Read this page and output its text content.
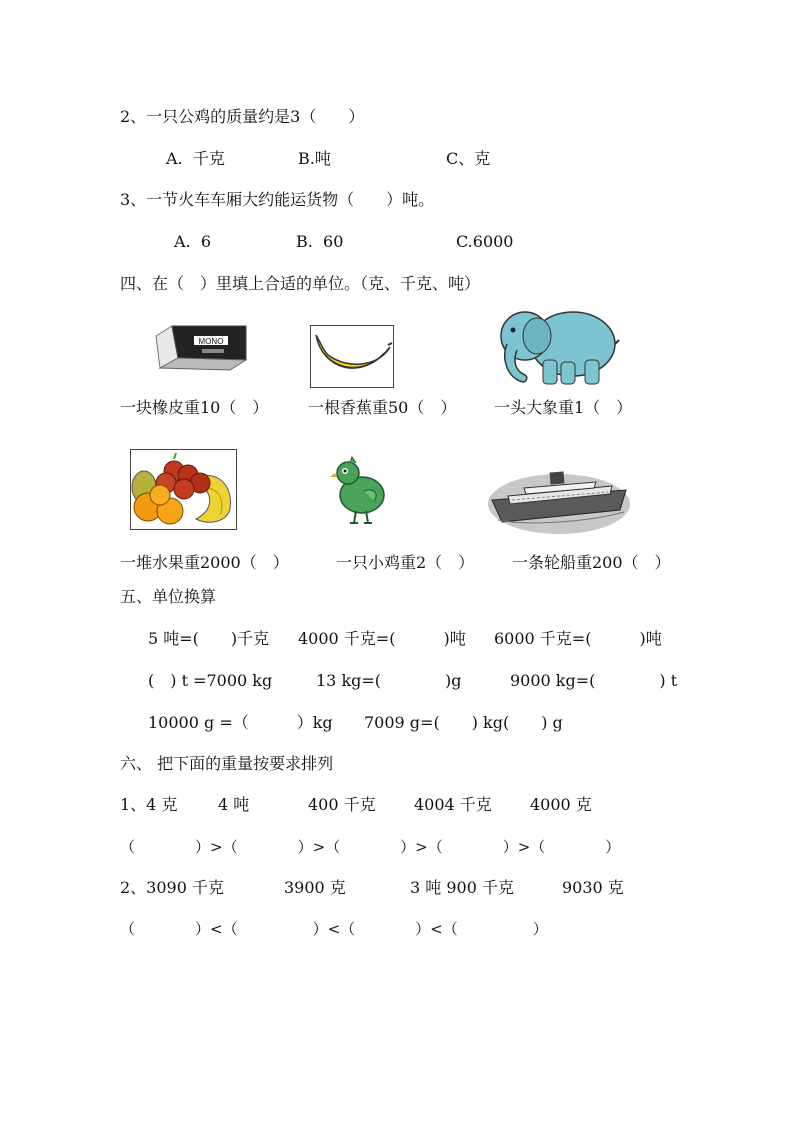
2、一只公鸡的质量约是3（　　）
A.  千克	B.吨	C、克
3、一节火车车厢大约能运货物（　　）吨。
A.  6	B.  60	C.6000
四、在（　）里填上合适的单位。（克、千克、吨）
MONO
一块橡皮重10（　） 一根香蕉重50（　） 一头大象重1（　）
一堆水果重2000（　）	一只小鸡重2（　） 一条轮船重200（　）
五、单位换算
5 吨=(　　)千克 4000 千克=(　　　)吨 6000 千克=(　　　)吨
(　) t =7000 kg	13 kg=(　　　　)g	9000 kg=(　　　　) t
10000 g =（　　　）kg 7009 g=(　　) kg(　　) g
六、 把下面的重量按要求排列
1、4 克	4 吨	400 千克 4004 千克 4000 克
（　　　　）>（　　　　）>（　　　　）>（　　　　）>（　　　　）
2、3090 千克	3900 克	3 吨 900 千克	9030 克
（　　　　）<（　　　　　）<（　　　　）<（　　　　　）
